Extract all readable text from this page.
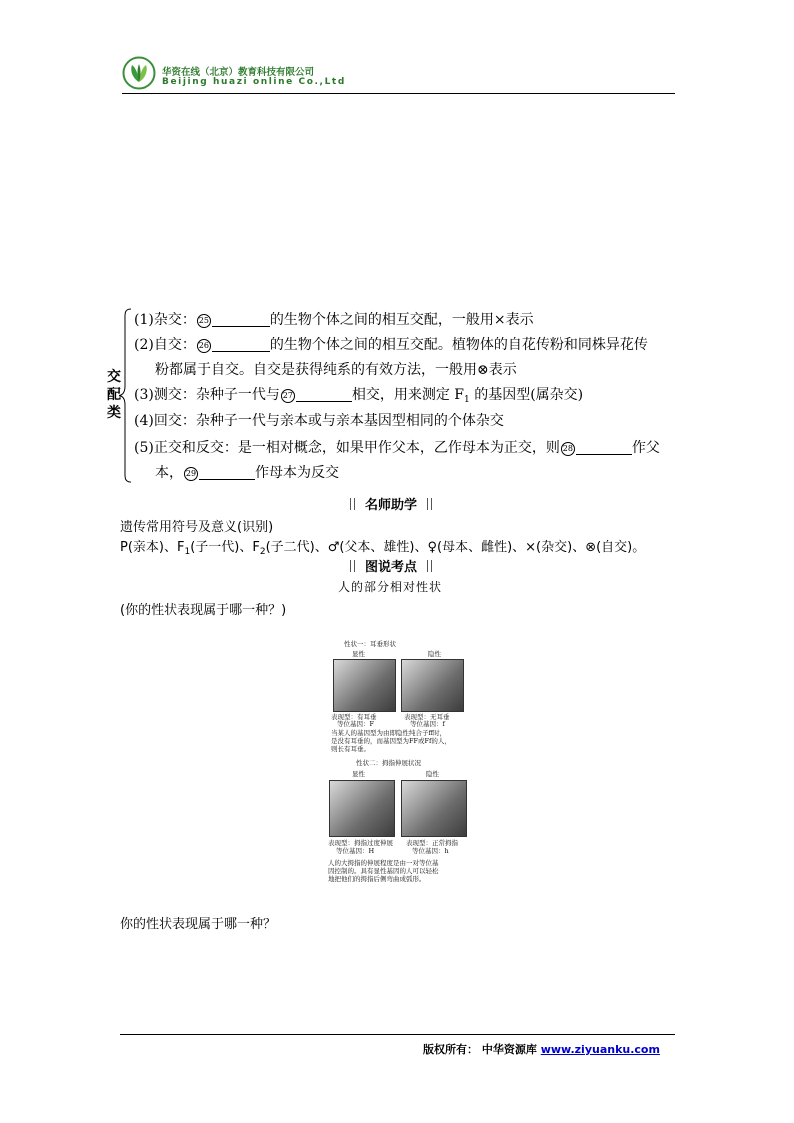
华资在线（北京）教育科技有限公司
Beijing huazi online Co.,Ltd
交
配
类
(1)杂交： 25	的生物个体之间的相互交配，一般用×表示
(2)自交： 26	的生物个体之间的相互交配。植物体的自花传粉和同株异花传
粉都属于自交。自交是获得纯系的有效方法，一般用⊗表示
(3)测交：杂种子一代与 27	相交，用来测定 $F_1$ 的基因型(属杂交)
(4)回交：杂种子一代与亲本或与亲本基因型相同的个体杂交
(5)正交和反交：是一相对概念，如果甲作父本，乙作母本为正交，则 28	作父
本， 29	作母本为反交
名师助学
遗传常用符号及意义(识别)
P(亲本)、$F_1$(子一代)、$F_2$(子二代)、♂(父本、雄性)、♀(母本、雌性)、×(杂交)、⊗(自交)。
图说考点
人的部分相对性状
(你的性状表现属于哪一种？)
性状一：耳垂形状
显性	隐性
表现型：有耳垂
等位基因：F
表现型：无耳垂
等位基因：f
当某人的基因型为由即隐性纯合子ff时，
是没有耳垂的，而基因型为FF或Ff的人，
则长有耳垂。
性状二：拇指伸展状况
显性	隐性
表现型：拇指过度伸展
等位基因：H
表现型：正常拇指
等位基因：h
人的大拇指的伸展程度是由一对等位基
因控制的。具有显性基因的人可以轻松
地把他们的拇指后侧弯曲成弧形。
你的性状表现属于哪一种？
版权所有： 中华资源库 www.ziyuanku.com
